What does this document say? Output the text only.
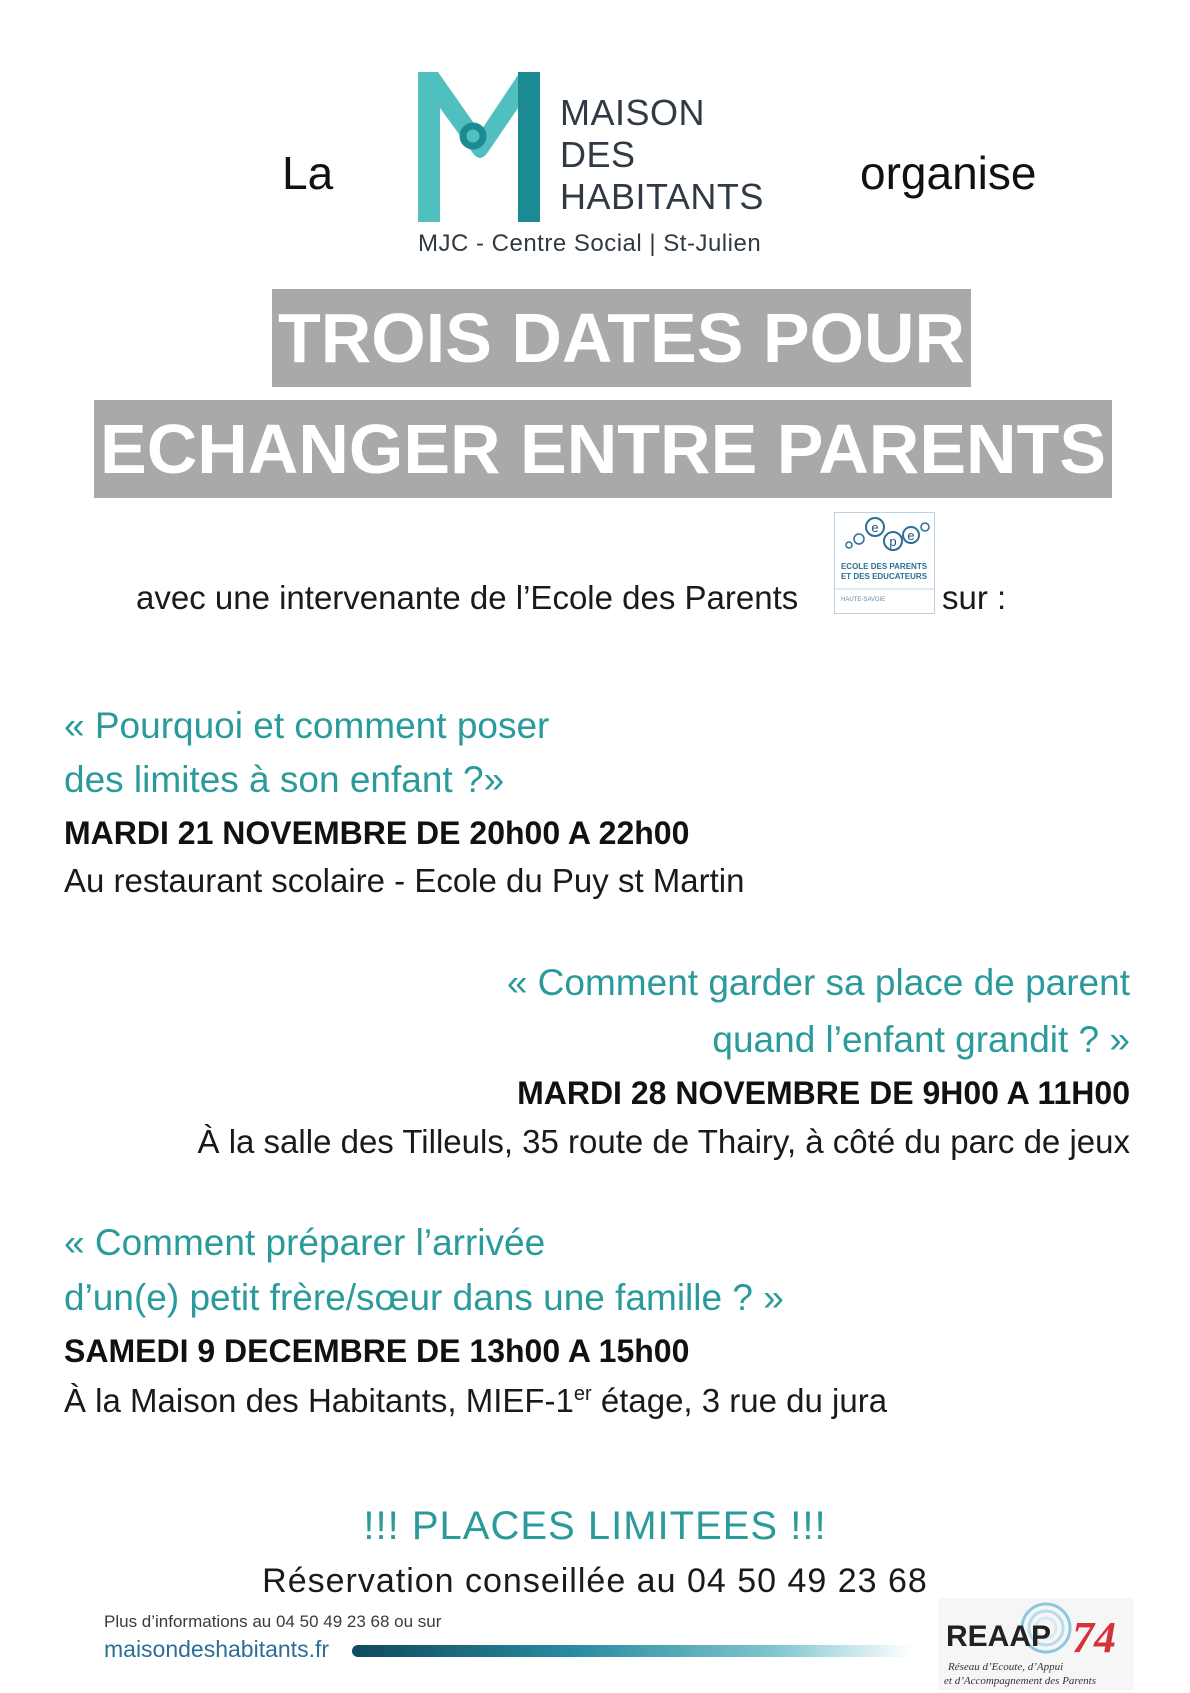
La
MAISON
DES
HABITANTS
MJC - Centre Social | St-Julien
organise
TROIS DATES POUR
ECHANGER ENTRE PARENTS
avec une intervenante de l’Ecole des Parents
e
p e
ECOLE DES PARENTS
ET DES EDUCATEURS
HAUTE-SAVOIE sur :
« Pourquoi et comment poser
des limites à son enfant ?»
MARDI 21 NOVEMBRE DE 20h00 A 22h00
Au restaurant scolaire - Ecole du Puy st Martin
« Comment garder sa place de parent
quand l’enfant grandit ? »
MARDI 28 NOVEMBRE DE 9H00 A 11H00
À la salle des Tilleuls, 35 route de Thairy, à côté du parc de jeux
« Comment préparer l’arrivée
d’un(e) petit frère/sœur dans une famille ? »
SAMEDI 9 DECEMBRE DE 13h00 A 15h00
À la Maison des Habitants, MIEF-1er étage, 3 rue du jura
!!! PLACES LIMITEES !!!
Réservation conseillée au 04 50 49 23 68
Plus d’informations au 04 50 49 23 68 ou sur
maisondeshabitants.fr	REAAP 74
Réseau d’Ecoute, d’Appui
et d’Accompagnement des Parents
